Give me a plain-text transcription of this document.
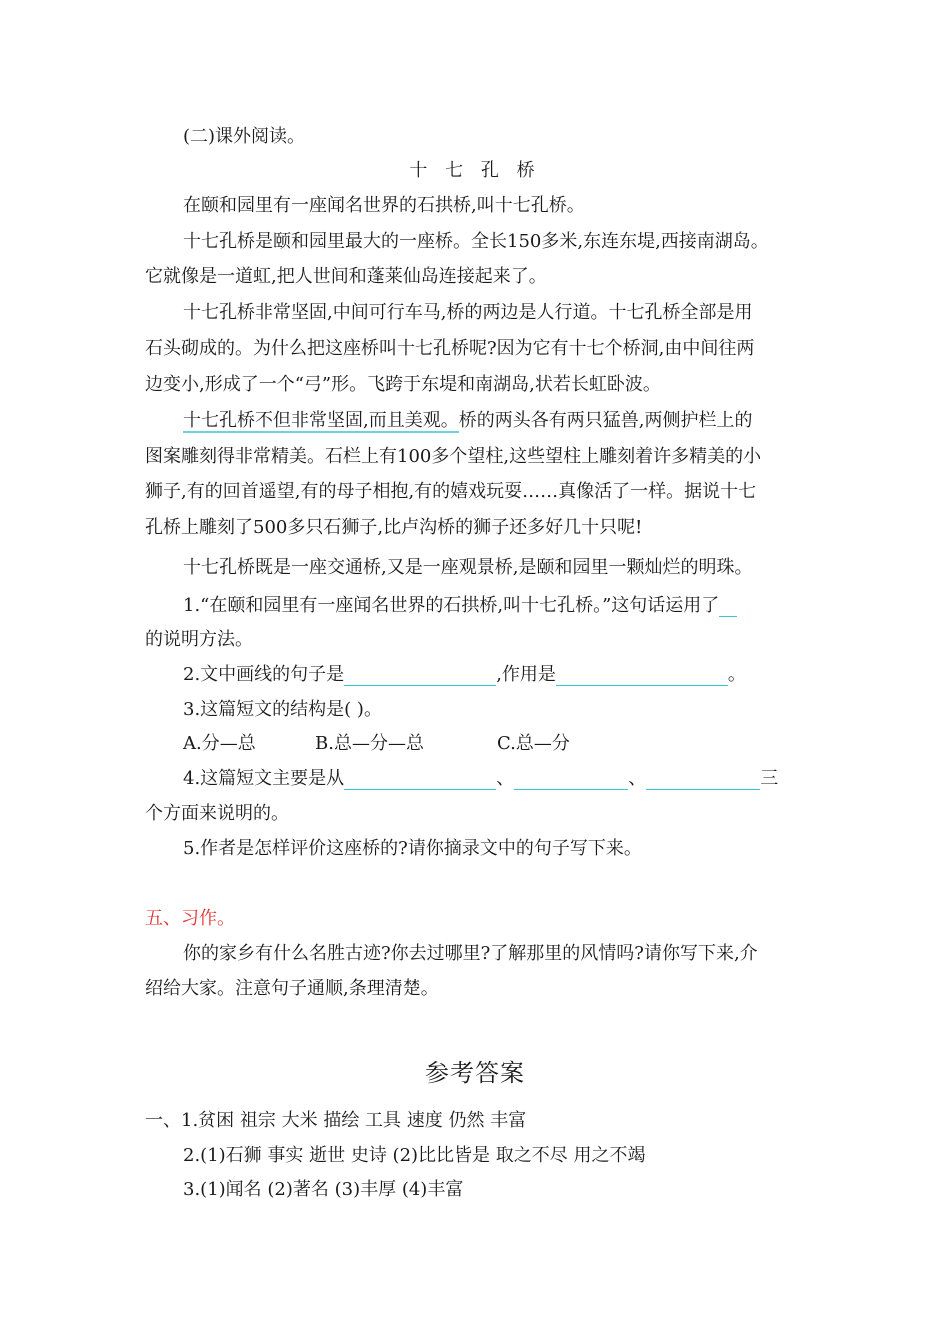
(二)课外阅读。
十 七 孔 桥
在颐和园里有一座闻名世界的石拱桥,叫十七孔桥。
十七孔桥是颐和园里最大的一座桥。全长150多米,东连东堤,西接南湖岛。
它就像是一道虹,把人世间和蓬莱仙岛连接起来了。
十七孔桥非常坚固,中间可行车马,桥的两边是人行道。十七孔桥全部是用
石头砌成的。为什么把这座桥叫十七孔桥呢?因为它有十七个桥洞,由中间往两
边变小,形成了一个“弓”形。飞跨于东堤和南湖岛,状若长虹卧波。
十七孔桥不但非常坚固,而且美观。桥的两头各有两只猛兽,两侧护栏上的
图案雕刻得非常精美。石栏上有100多个望柱,这些望柱上雕刻着许多精美的小
狮子,有的回首遥望,有的母子相抱,有的嬉戏玩耍……真像活了一样。据说十七
孔桥上雕刻了500多只石狮子,比卢沟桥的狮子还多好几十只呢!
十七孔桥既是一座交通桥,又是一座观景桥,是颐和园里一颗灿烂的明珠。
1.“在颐和园里有一座闻名世界的石拱桥,叫十七孔桥。”这句话运用了
的说明方法。
2.文中画线的句子是	,作用是	。
3.这篇短文的结构是( )。
A.分—总	B.总—分—总	C.总—分
4.这篇短文主要是从	、	、	三
个方面来说明的。
5.作者是怎样评价这座桥的?请你摘录文中的句子写下来。
五、习作。
你的家乡有什么名胜古迹?你去过哪里?了解那里的风情吗?请你写下来,介
绍给大家。注意句子通顺,条理清楚。
参考答案
一、1.贫困 祖宗 大米 描绘 工具 速度 仍然 丰富
2.(1)石狮 事实 逝世 史诗 (2)比比皆是 取之不尽 用之不竭
3.(1)闻名 (2)著名 (3)丰厚 (4)丰富
